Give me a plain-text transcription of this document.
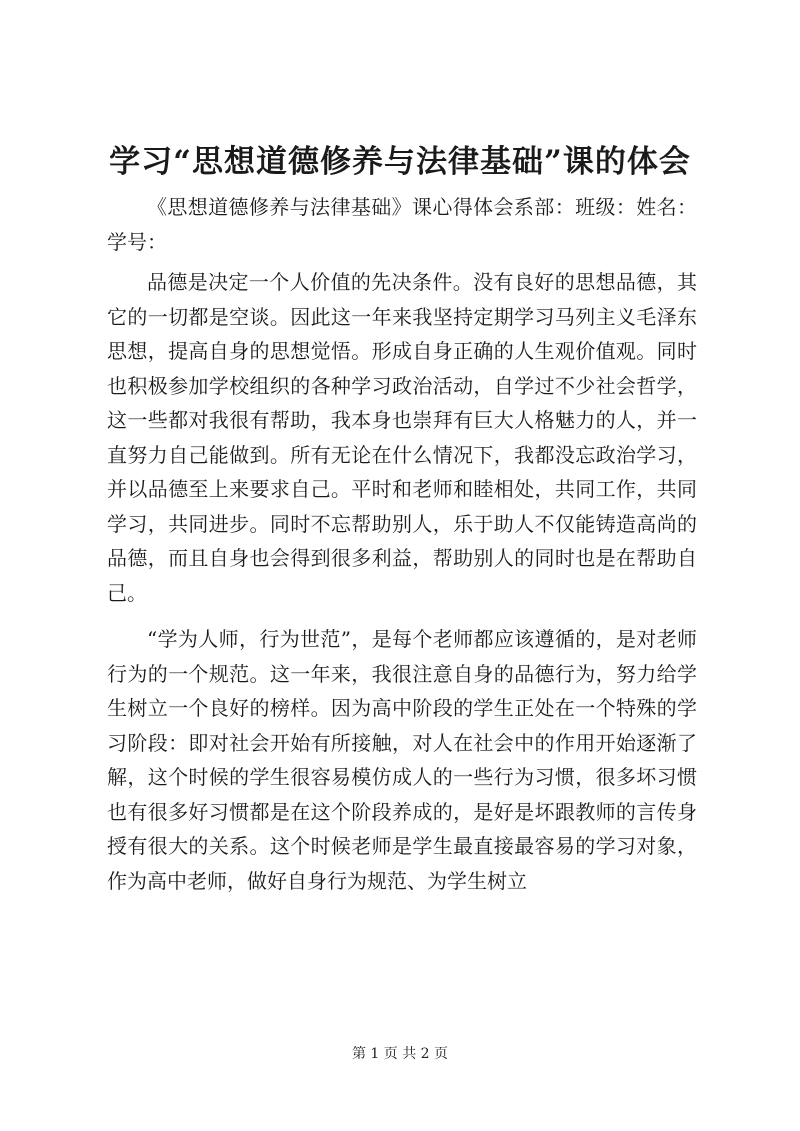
学习“思想道德修养与法律基础”课的体会

《思想道德修养与法律基础》课心得体会系部：班级：姓名：学号：

品德是决定一个人价值的先决条件。没有良好的思想品德，其它的一切都是空谈。因此这一年来我坚持定期学习马列主义毛泽东思想，提高自身的思想觉悟。形成自身正确的人生观价值观。同时也积极参加学校组织的各种学习政治活动，自学过不少社会哲学，这一些都对我很有帮助，我本身也崇拜有巨大人格魅力的人，并一直努力自己能做到。所有无论在什么情况下，我都没忘政治学习，并以品德至上来要求自己。平时和老师和睦相处，共同工作，共同学习，共同进步。同时不忘帮助别人，乐于助人不仅能铸造高尚的品德，而且自身也会得到很多利益，帮助别人的同时也是在帮助自己。

“学为人师，行为世范”，是每个老师都应该遵循的，是对老师行为的一个规范。这一年来，我很注意自身的品德行为，努力给学生树立一个良好的榜样。因为高中阶段的学生正处在一个特殊的学习阶段：即对社会开始有所接触，对人在社会中的作用开始逐渐了解，这个时候的学生很容易模仿成人的一些行为习惯，很多坏习惯也有很多好习惯都是在这个阶段养成的，是好是坏跟教师的言传身授有很大的关系。这个时候老师是学生最直接最容易的学习对象，作为高中老师，做好自身行为规范、为学生树立

第 1 页 共 2 页
